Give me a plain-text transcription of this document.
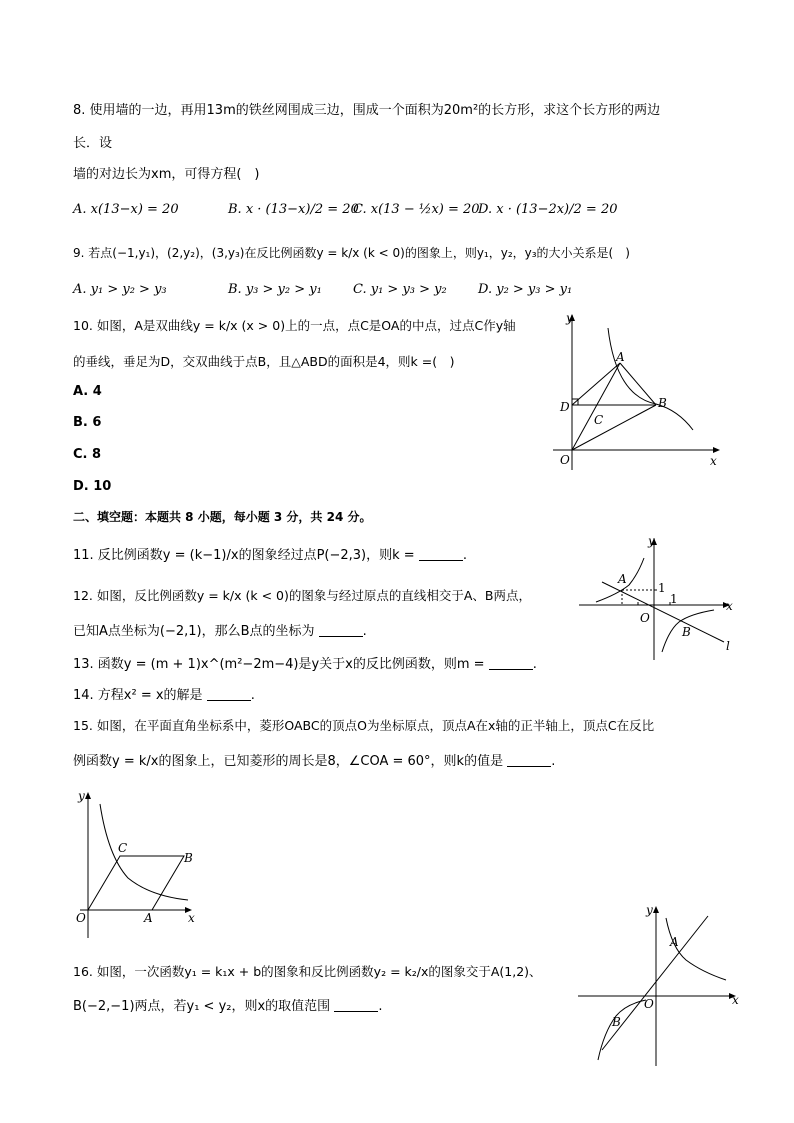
8. 使用墙的一边，再用13m的铁丝网围成三边，围成一个面积为20m²的长方形，求这个长方形的两边
长．设
墙的对边长为xm，可得方程(　)
A. x(13−x) = 20	B. x · (13−x)/2 = 20
C. x(13 − ½x) = 20
D. x · (13−2x)/2 = 20
9. 若点(−1,y₁)，(2,y₂)，(3,y₃)在反比例函数y = k/x (k < 0)的图象上，则y₁，y₂，y₃的大小关系是(　)
A. y₁ > y₂ > y₃	B. y₃ > y₂ > y₁ C. y₁ > y₃ > y₂ D. y₂ > y₃ > y₁
10. 如图，A是双曲线y = k/x (x > 0)上的一点，点C是OA的中点，过点C作y轴
的垂线，垂足为D，交双曲线于点B，且△ABD的面积是4，则k =(　)
A. 4
B. 6
C. 8
D. 10
y
A
D	B
C
O	x
二、填空题：本题共 8 小题，每小题 3 分，共 24 分。
11. 反比例函数y = (k−1)/x的图象经过点P(−2,3)，则k =	.
12. 如图，反比例函数y = k/x (k < 0)的图象与经过原点的直线相交于A、B两点，
已知A点坐标为(−2,1)，那么B点的坐标为	.
y
A
1
1
O
x
B
l
13. 函数y = (m + 1)x^(m²−2m−4)是y关于x的反比例函数，则m =	.
14. 方程x² = x的解是	.
15. 如图，在平面直角坐标系中，菱形OABC的顶点O为坐标原点，顶点A在x轴的正半轴上，顶点C在反比
例函数y = k/x的图象上，已知菱形的周长是8，∠COA = 60°，则k的值是	.
y
C
B
O	A	x
16. 如图，一次函数y₁ = k₁x + b的图象和反比例函数y₂ = k₂/x的图象交于A(1,2)、
B(−2,−1)两点，若y₁ < y₂，则x的取值范围	.
y
A
O	x
B
